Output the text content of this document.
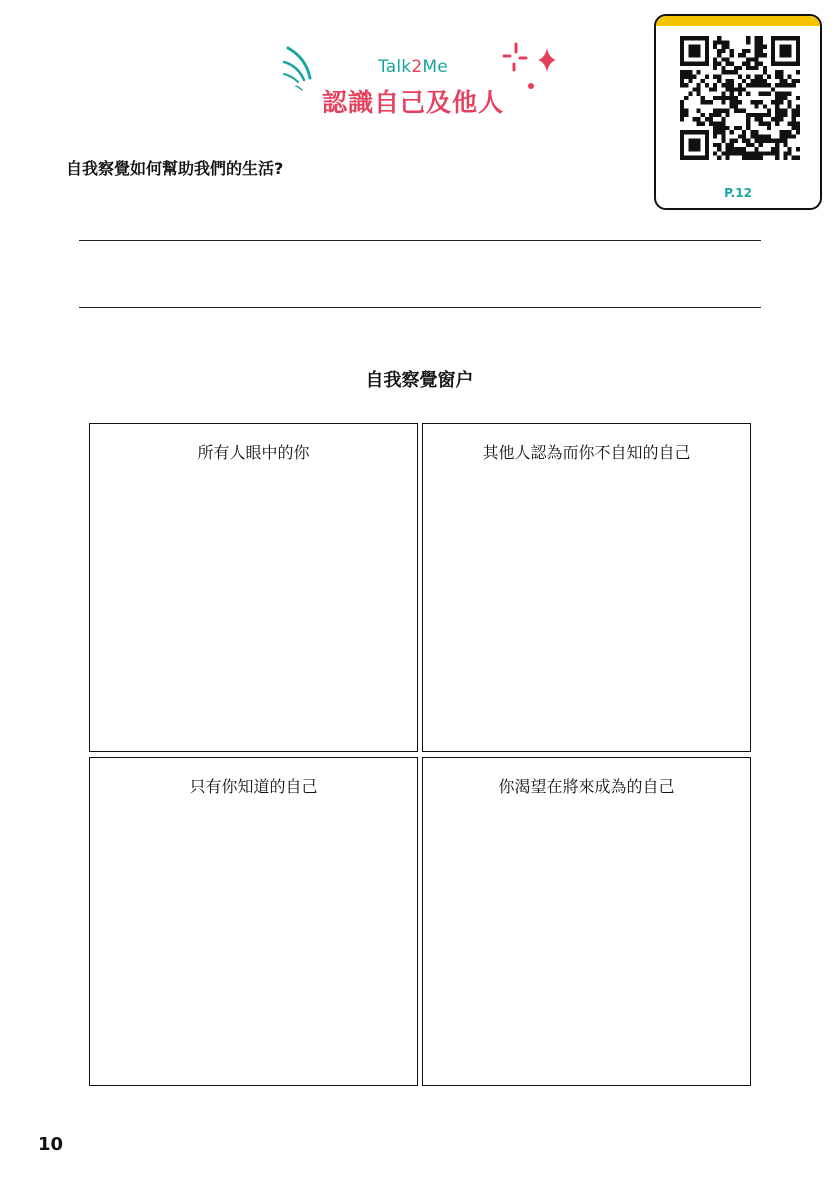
Talk2Me
認識自己及他人
自我察覺如何幫助我們的生活?
P.12
自我察覺窗户
所有人眼中的你	其他人認為而你不自知的自己
只有你知道的自己	你渴望在將來成為的自己
10
